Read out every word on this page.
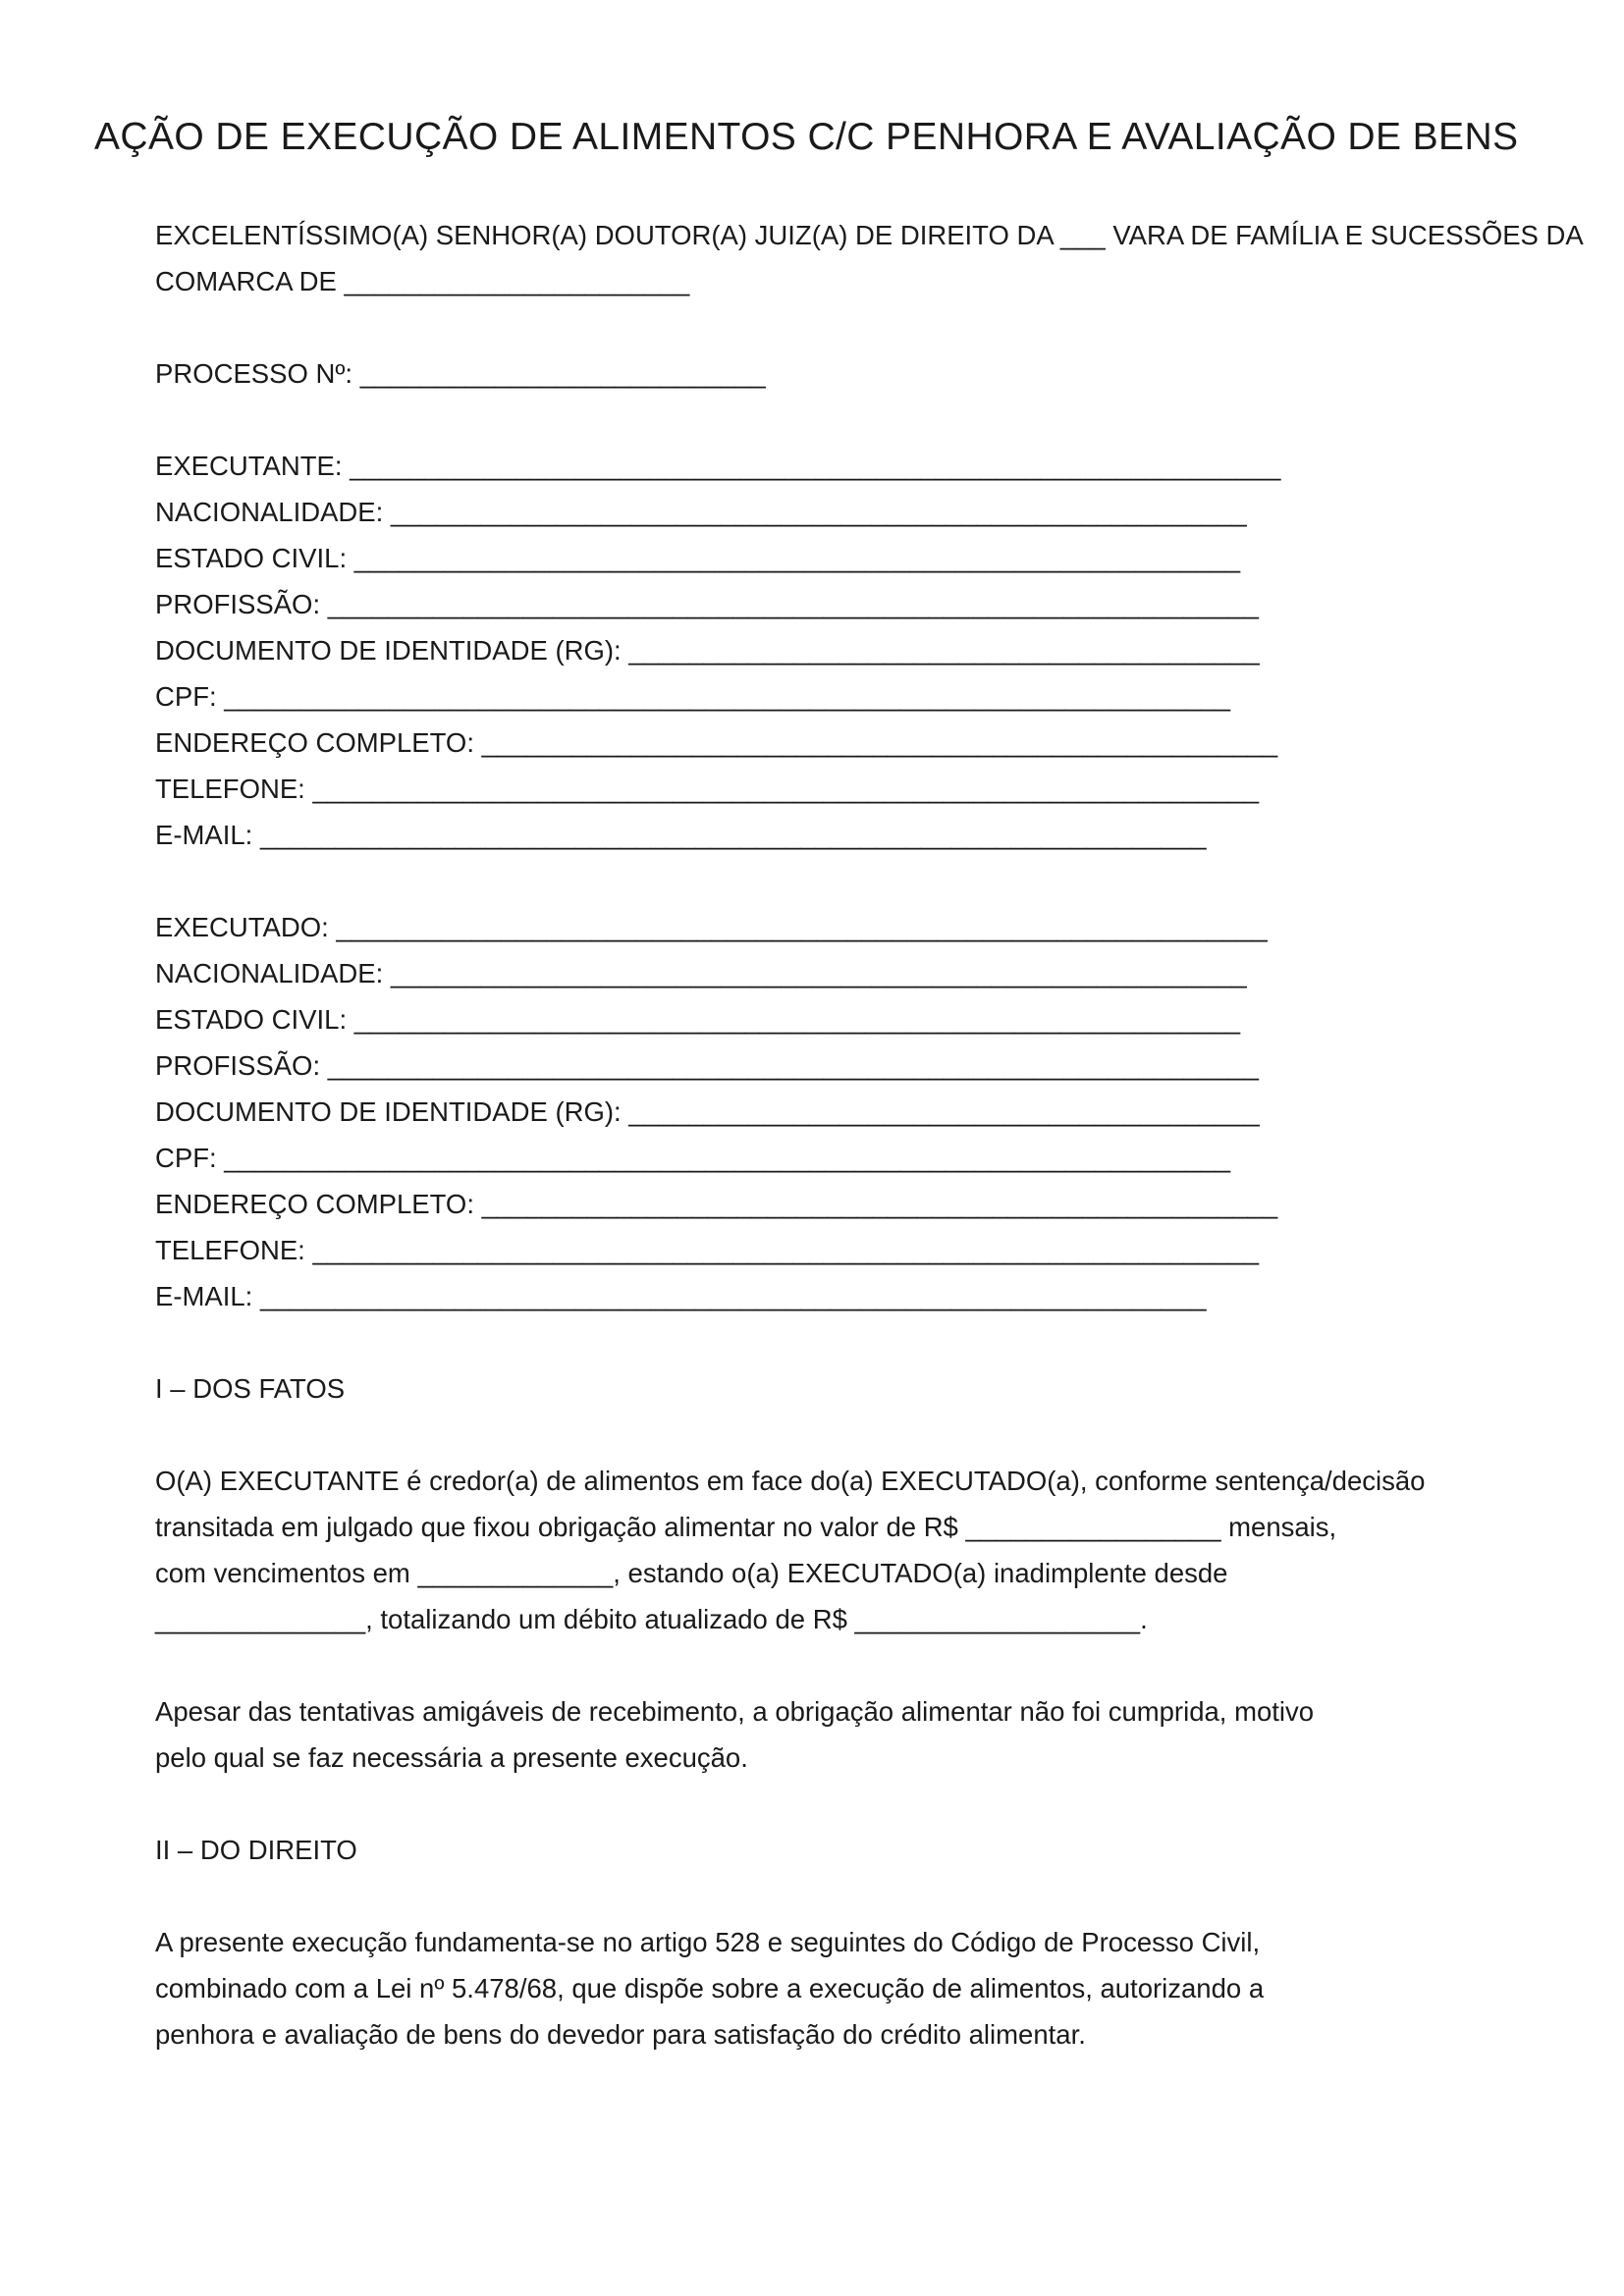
AÇÃO DE EXECUÇÃO DE ALIMENTOS C/C PENHORA E AVALIAÇÃO DE BENS
EXCELENTÍSSIMO(A) SENHOR(A) DOUTOR(A) JUIZ(A) DE DIREITO DA ___ VARA DE FAMÍLIA E SUCESSÕES DA
COMARCA DE _______________________
PROCESSO Nº: ___________________________
EXECUTANTE: ______________________________________________________________
NACIONALIDADE: _________________________________________________________
ESTADO CIVIL: ___________________________________________________________
PROFISSÃO: ______________________________________________________________
DOCUMENTO DE IDENTIDADE (RG): __________________________________________
CPF: ___________________________________________________________________
ENDEREÇO COMPLETO: _____________________________________________________
TELEFONE: _______________________________________________________________
E-MAIL: _______________________________________________________________
EXECUTADO: ______________________________________________________________
NACIONALIDADE: _________________________________________________________
ESTADO CIVIL: ___________________________________________________________
PROFISSÃO: ______________________________________________________________
DOCUMENTO DE IDENTIDADE (RG): __________________________________________
CPF: ___________________________________________________________________
ENDEREÇO COMPLETO: _____________________________________________________
TELEFONE: _______________________________________________________________
E-MAIL: _______________________________________________________________
I – DOS FATOS
O(A) EXECUTANTE é credor(a) de alimentos em face do(a) EXECUTADO(a), conforme sentença/decisão
transitada em julgado que fixou obrigação alimentar no valor de R$ _________________ mensais,
com vencimentos em _____________, estando o(a) EXECUTADO(a) inadimplente desde
______________, totalizando um débito atualizado de R$ ___________________.
Apesar das tentativas amigáveis de recebimento, a obrigação alimentar não foi cumprida, motivo
pelo qual se faz necessária a presente execução.
II – DO DIREITO
A presente execução fundamenta-se no artigo 528 e seguintes do Código de Processo Civil,
combinado com a Lei nº 5.478/68, que dispõe sobre a execução de alimentos, autorizando a
penhora e avaliação de bens do devedor para satisfação do crédito alimentar.
